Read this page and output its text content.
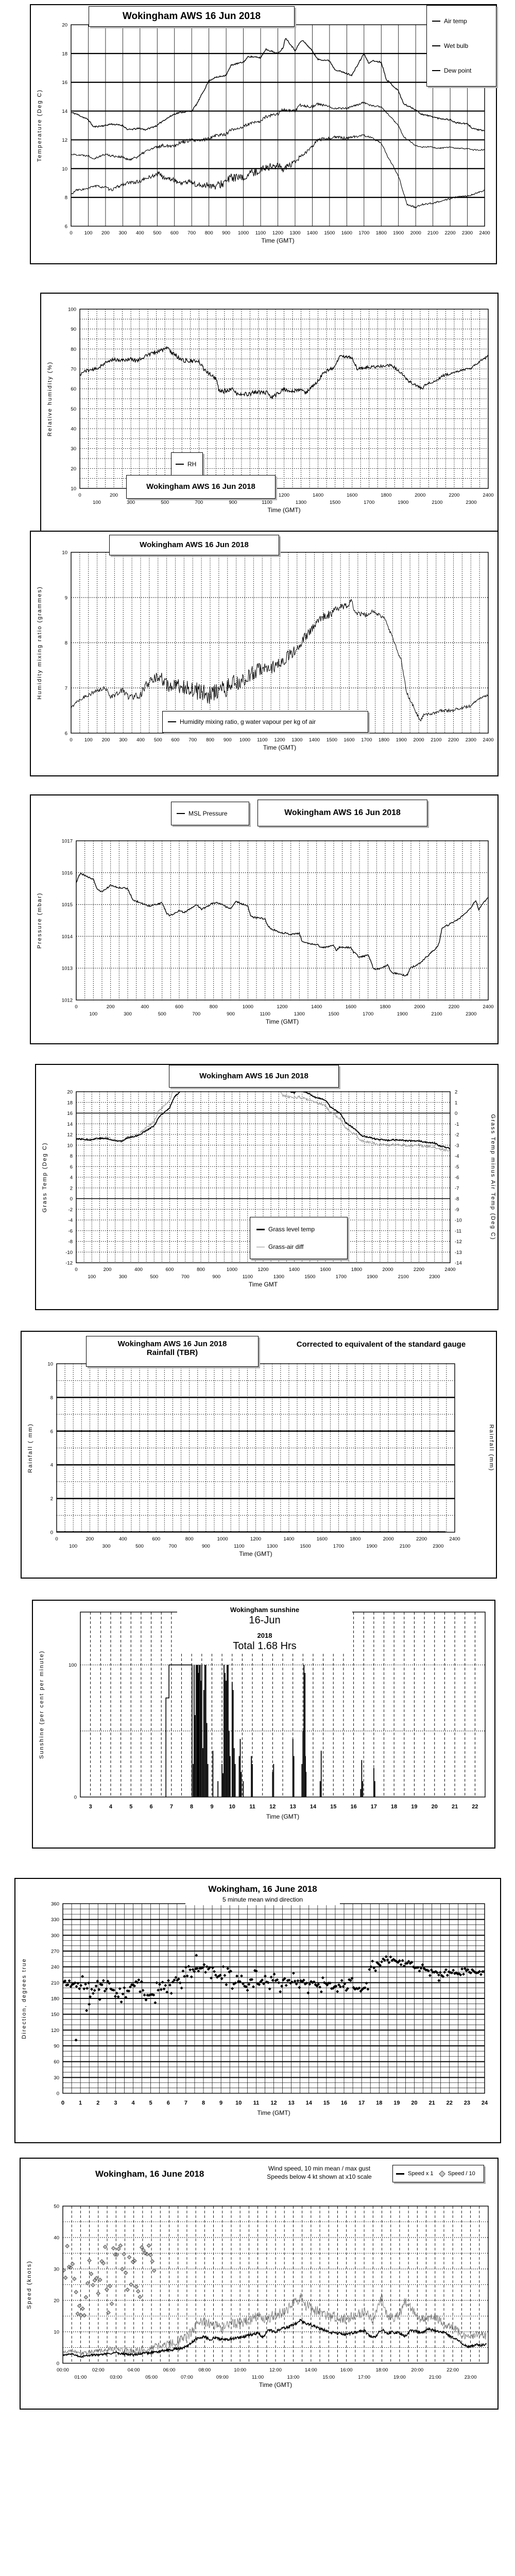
0 100 200 300 400 500 600 700 800 900 1000 1100 1200 1300 1400 1500 1600 1700 1800 1900 2000 2100 2200 2300 2400
6
8
10
12
14
16
18
20
Time (GMT)
Temperature (Deg C)
Wokingham AWS 16 Jun 2018	Air temp
Wet bulb
Dew point
0
100
200
300	500	700	900	1100
1200
1300
1400
1500
1600
1700
1800
1900
2000
2100
2200
2300
2400
10
20
30
40
50
60
70
80
90
100
Time (GMT)
Relative humidity (%)
RH
Wokingham AWS 16 Jun 2018
0 100 200 300 400 500 600 700 800 900 1000 1100 1200 1300 1400 1500 1600 1700 1800 1900 2000 2100 2200 2300 2400
6
7
8
9
10
Time (GMT)
Humidity mixing ratio (grammes)
Wokingham AWS 16 Jun 2018
Humidity mixing ratio, g water vapour per kg of air
0
100
200
300
400
500
600
700
800
900
1000
1100
1200
1300
1400
1500
1600
1700
1800
1900
2000
2100
2200
2300
2400
1012
1013
1014
1015
1016
1017
Time (GMT)
Pressure (mbar)
MSL Pressure	Wokingham AWS 16 Jun 2018
0
100
200
300
400
500
600
700
800
900
1000
1100
1200
1300
1400
1500
1600
1700
1800
1900
2000
2100
2200
2300
2400
-12
-10
-8
-6
-4
-2
0
2
4
6
8
10
12
14
16
18
20
-14
-13
-12
-11
-10
-9
-8
-7
-6
-5
-4
-3
-2
-1
0
1
2
Time GMT
Grass Temp (Deg C)	Grass Temp minus Air Temp (Deg C)
Wokingham AWS 16 Jun 2018
Grass level temp
Grass-air diff
Wokingham AWS 16 Jun 2018
Rainfall (TBR)
Corrected to equivalent of the standard gauge
0
100
200
300
400
500
600
700
800
900
1000
1100
1200
1300
1400
1500
1600
1700
1800
1900
2000
2100
2200
2300
2400
0
2
4
6
8
10
Time (GMT)
Rainfall ( mm)	Rainfall (mm)
3	4	5	6	7	8	9	10 11 12 13 14 15 16 17 18 19 20 21 22
0
100
Time (GMT)
Sunshine (per cent per minute)
Wokingham sunshine
16-Jun
2018
Total 1.68 Hrs
0	1	2	3	4	5	6	7	8	9 10 11 12 13 14 15 16 17 18 19 20 21 22 23 24
0
30
60
90
120
150
180
210
240
270
300
330
360
Time (GMT)
Direction, degrees true
Wokingham, 16 June 2018
5 minute mean wind direction
00:00
01:00
02:00
03:00
04:00
05:00
06:00
07:00
08:00
09:00
10:00
11:00
12:00
13:00
14:00
15:00
16:00
17:00
18:00
19:00
20:00
21:00
22:00
23:00
0
10
20
30
40
50
Time (GMT)
Speed (knots)
Wokingham, 16 June 2018
Wind speed, 10 min mean / max gust
Speeds below 4 kt shown at x10 scale	Speed x 1	Speed / 10
